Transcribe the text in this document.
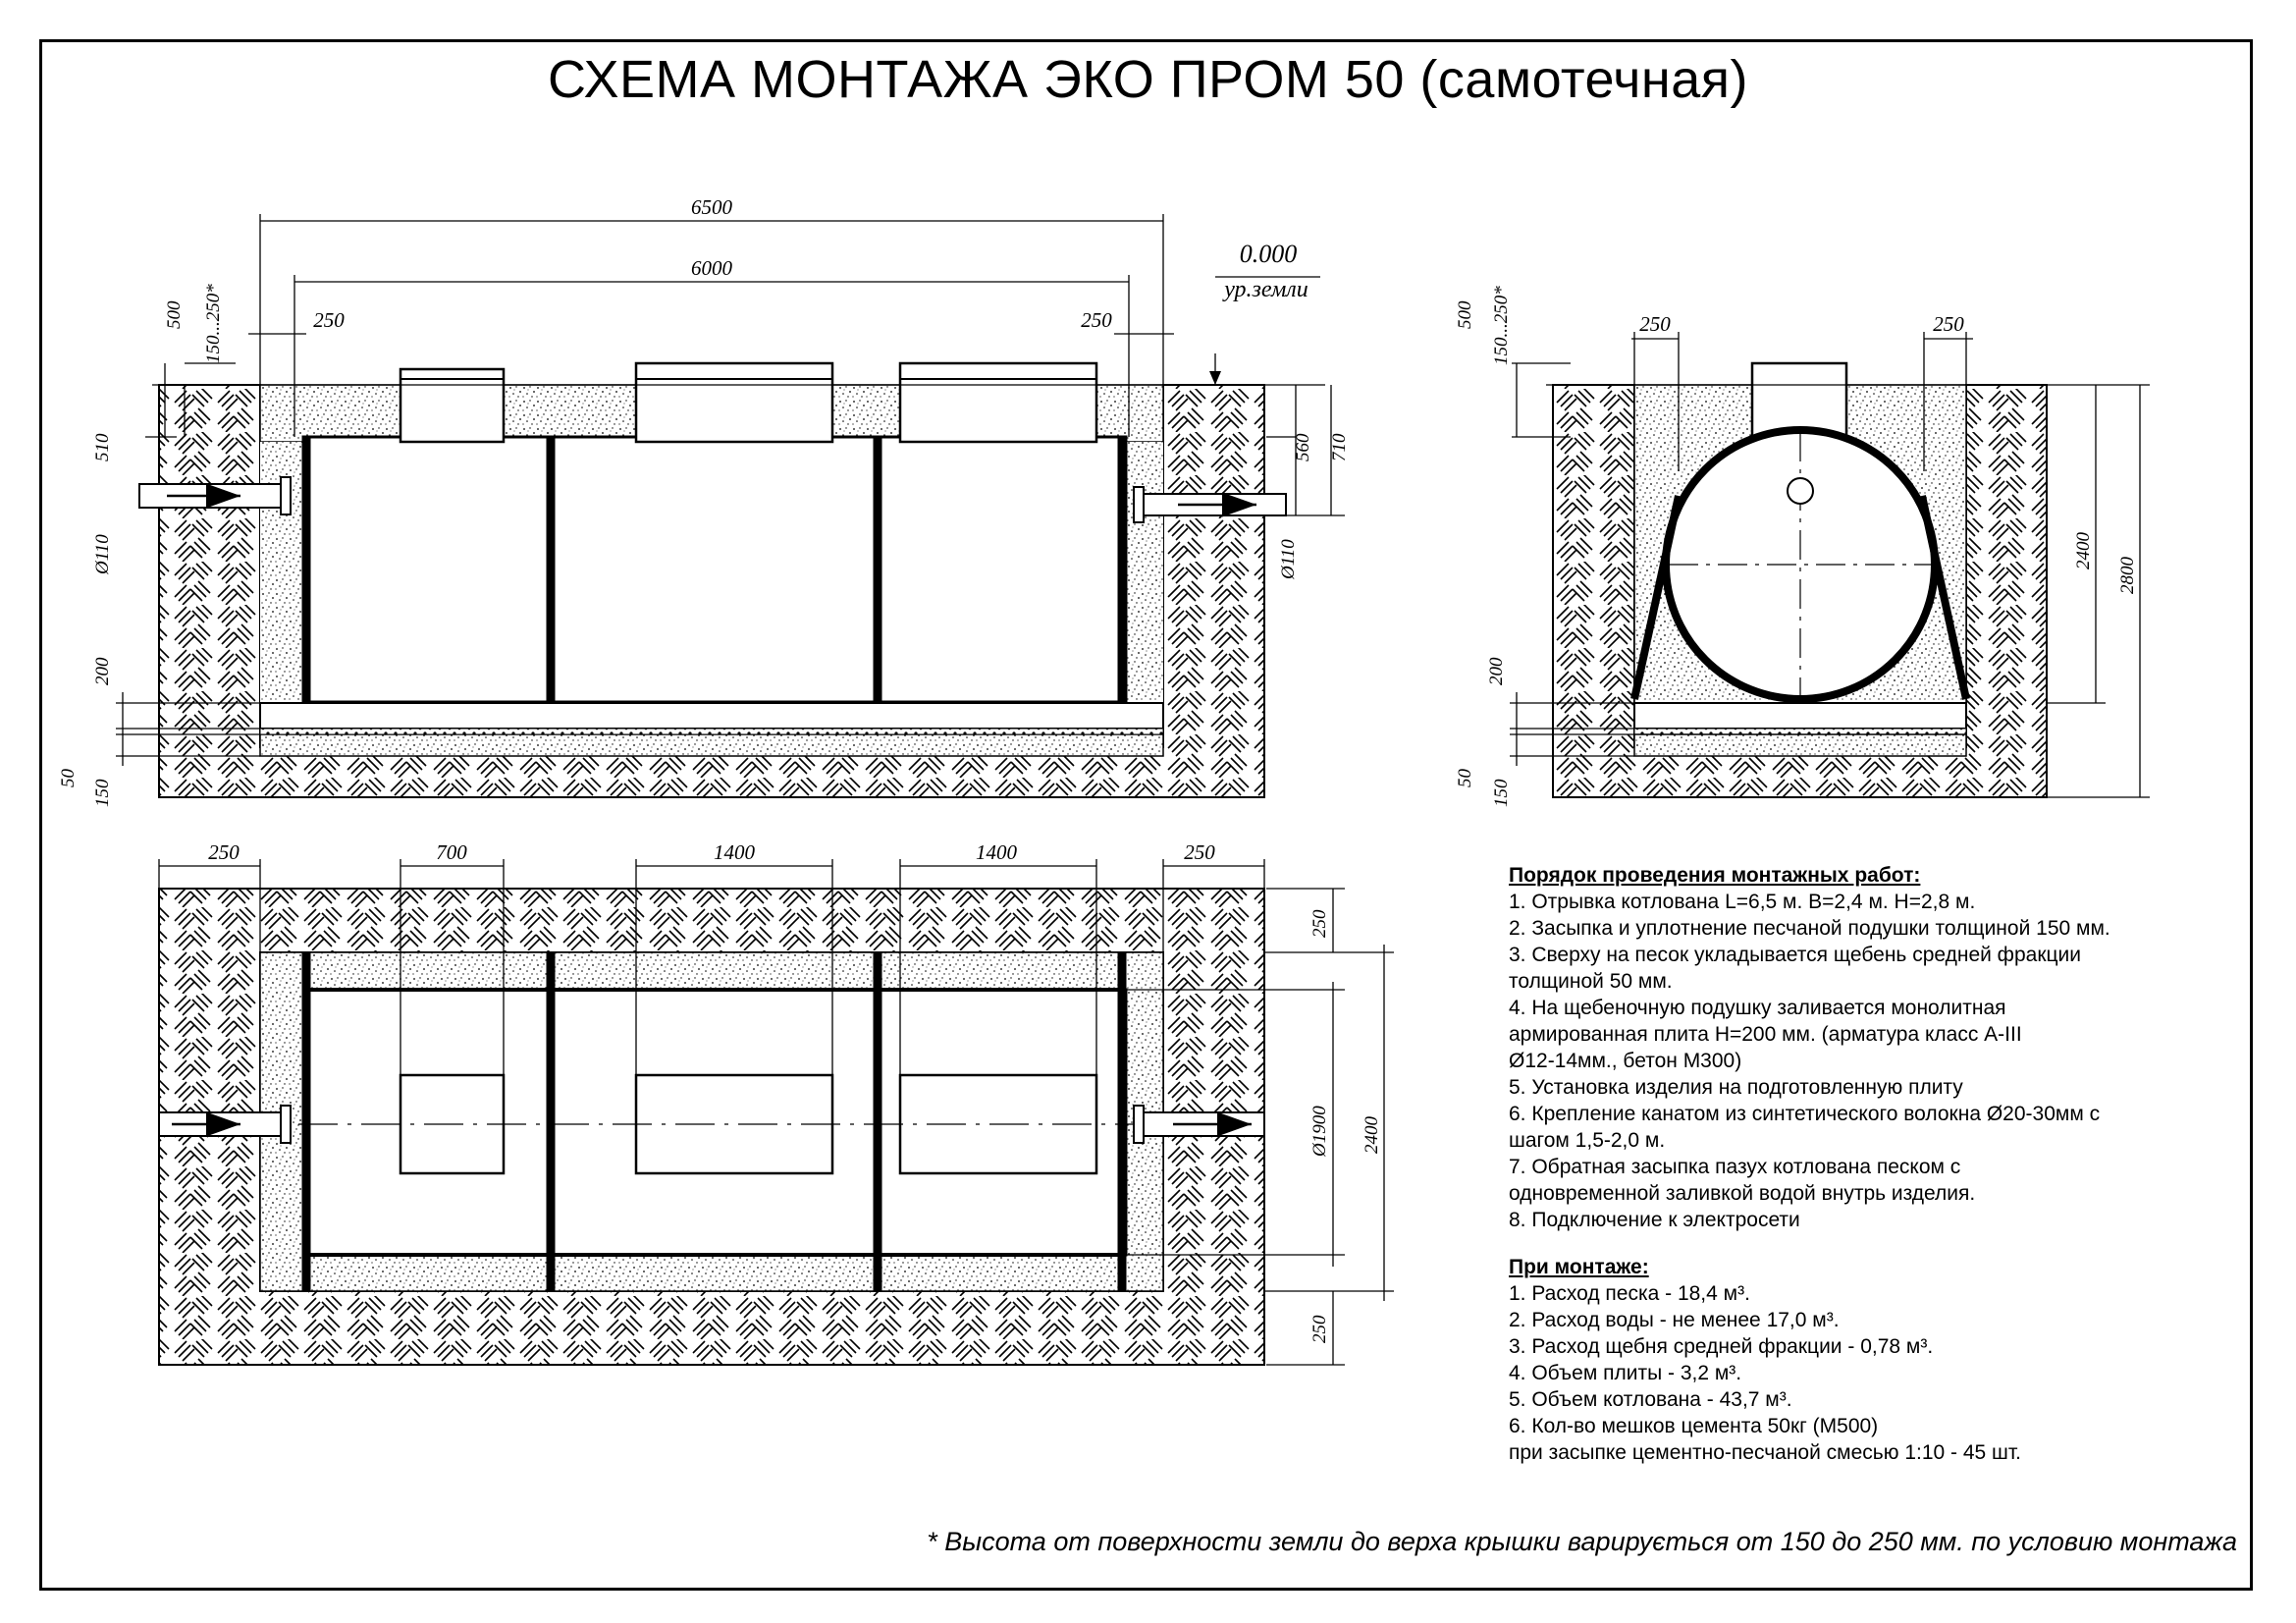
СХЕМА МОНТАЖА ЭКО ПРОМ 50 (самотечная)
6500
6000
250	250
0.000
ур.земли
500 150...250*
510
Ø110
560 710
Ø110
200
50
150
250	250
500 150...250*
2400
2800
200
50
150
250	700	1400	1400	250
250
Ø1900 2400
250
Порядок проведения монтажных работ:
1. Отрывка котлована L=6,5 м. В=2,4 м. Н=2,8 м.
2. Засыпка и уплотнение песчаной подушки толщиной 150 мм.
3. Сверху на песок укладывается щебень средней фракции
толщиной 50 мм.
4. На щебеночную подушку заливается монолитная
армированная плита Н=200 мм. (арматура класс А-III
Ø12-14мм., бетон М300)
5. Установка изделия на подготовленную плиту
6. Крепление канатом из синтетического волокна Ø20-30мм с
шагом 1,5-2,0 м.
7. Обратная засыпка пазух котлована песком с
одновременной заливкой водой внутрь изделия.
8. Подключение к электросети
При монтаже:
1. Расход песка - 18,4 м³.
2. Расход воды - не менее 17,0 м³.
3. Расход щебня средней фракции - 0,78 м³.
4. Объем плиты - 3,2 м³.
5. Объем котлована - 43,7 м³.
6. Кол-во мешков цемента 50кг (М500)
при засыпке цементно-песчаной смесью 1:10 - 45 шт.
* Высота от поверхности земли до верха крышки варирується от 150 до 250 мм. по условию монтажа
